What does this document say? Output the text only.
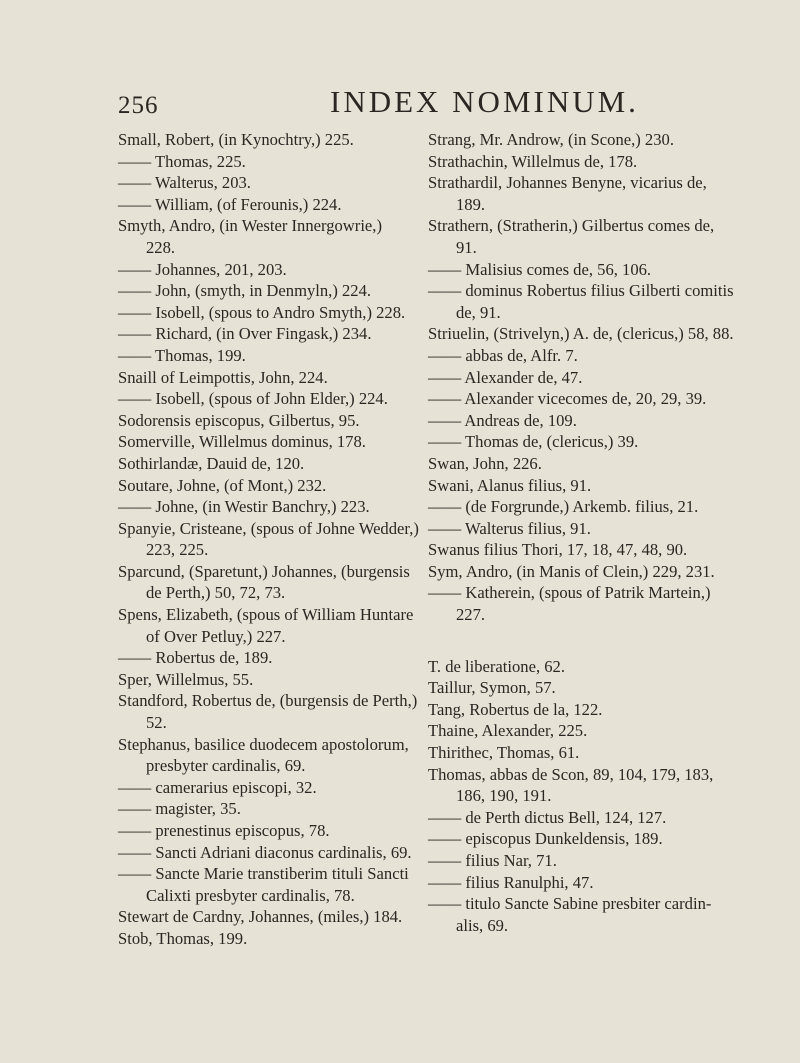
256	INDEX NOMINUM.
Small, Robert, (in Kynochtry,) 225.
—— Thomas, 225.
—— Walterus, 203.
—— William, (of Ferounis,) 224.
Smyth, Andro, (in Wester Innergowrie,)
228.
—— Johannes, 201, 203.
—— John, (smyth, in Denmyln,) 224.
—— Isobell, (spous to Andro Smyth,) 228.
—— Richard, (in Over Fingask,) 234.
—— Thomas, 199.
Snaill of Leimpottis, John, 224.
—— Isobell, (spous of John Elder,) 224.
Sodorensis episcopus, Gilbertus, 95.
Somerville, Willelmus dominus, 178.
Sothirlandæ, Dauid de, 120.
Soutare, Johne, (of Mont,) 232.
—— Johne, (in Westir Banchry,) 223.
Spanyie, Cristeane, (spous of Johne Wedder,)
223, 225.
Sparcund, (Sparetunt,) Johannes, (burgensis
de Perth,) 50, 72, 73.
Spens, Elizabeth, (spous of William Huntare
of Over Petluy,) 227.
—— Robertus de, 189.
Sper, Willelmus, 55.
Standford, Robertus de, (burgensis de Perth,)
52.
Stephanus, basilice duodecem apostolorum,
presbyter cardinalis, 69.
—— camerarius episcopi, 32.
—— magister, 35.
—— prenestinus episcopus, 78.
—— Sancti Adriani diaconus cardinalis, 69.
—— Sancte Marie transtiberim tituli Sancti
Calixti presbyter cardinalis, 78.
Stewart de Cardny, Johannes, (miles,) 184.
Stob, Thomas, 199.
Strang, Mr. Androw, (in Scone,) 230.
Strathachin, Willelmus de, 178.
Strathardil, Johannes Benyne, vicarius de,
189.
Strathern, (Stratherin,) Gilbertus comes de,
91.
—— Malisius comes de, 56, 106.
—— dominus Robertus filius Gilberti comitis
de, 91.
Striuelin, (Strivelyn,) A. de, (clericus,) 58, 88.
—— abbas de, Alfr. 7.
—— Alexander de, 47.
—— Alexander vicecomes de, 20, 29, 39.
—— Andreas de, 109.
—— Thomas de, (clericus,) 39.
Swan, John, 226.
Swani, Alanus filius, 91.
—— (de Forgrunde,) Arkemb. filius, 21.
—— Walterus filius, 91.
Swanus filius Thori, 17, 18, 47, 48, 90.
Sym, Andro, (in Manis of Clein,) 229, 231.
—— Katherein, (spous of Patrik Martein,)
227.
T. de liberatione, 62.
Taillur, Symon, 57.
Tang, Robertus de la, 122.
Thaine, Alexander, 225.
Thirithec, Thomas, 61.
Thomas, abbas de Scon, 89, 104, 179, 183,
186, 190, 191.
—— de Perth dictus Bell, 124, 127.
—— episcopus Dunkeldensis, 189.
—— filius Nar, 71.
—— filius Ranulphi, 47.
—— titulo Sancte Sabine presbiter cardin-
alis, 69.
